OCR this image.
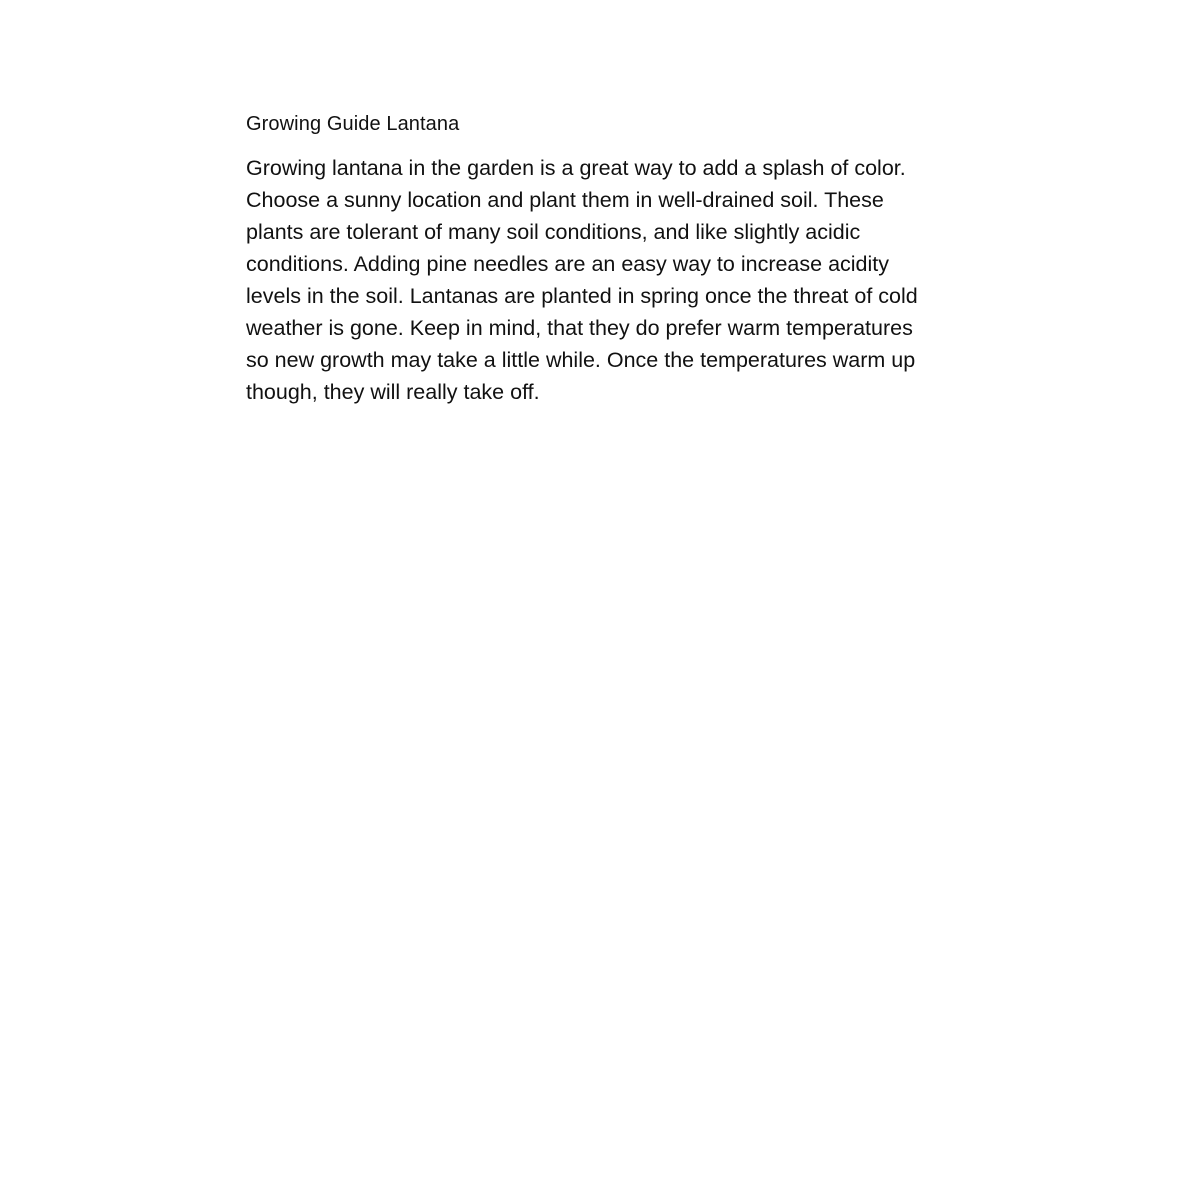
Growing Guide Lantana

Growing lantana in the garden is a great way to add a splash of color.
Choose a sunny location and plant them in well-drained soil. These
plants are tolerant of many soil conditions, and like slightly acidic
conditions. Adding pine needles are an easy way to increase acidity
levels in the soil. Lantanas are planted in spring once the threat of cold
weather is gone. Keep in mind, that they do prefer warm temperatures
so new growth may take a little while. Once the temperatures warm up
though, they will really take off.
